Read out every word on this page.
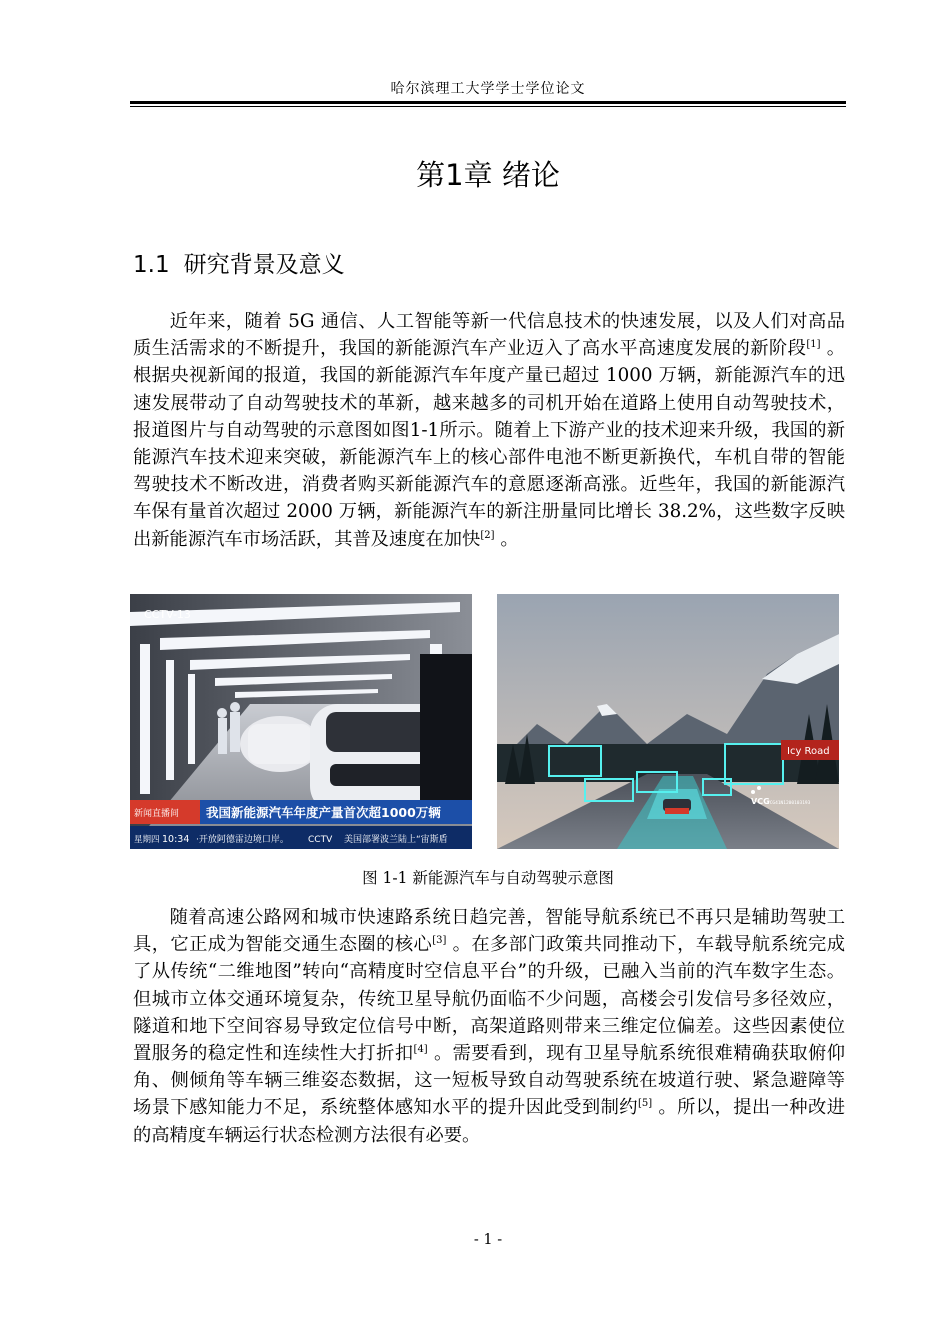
哈尔滨理工大学学士学位论文
第1章 绪论
1.1 研究背景及意义

近年来，随着 5G 通信、人工智能等新一代信息技术的快速发展，以及人们对高品质生活需求的不断提升，我国的新能源汽车产业迈入了高水平高速度发展的新阶段[1] 。根据央视新闻的报道，我国的新能源汽车年度产量已超过 1000 万辆，新能源汽车的迅速发展带动了自动驾驶技术的革新，越来越多的司机开始在道路上使用自动驾驶技术，报道图片与自动驾驶的示意图如图1-1所示。随着上下游产业的技术迎来升级，我国的新能源汽车技术迎来突破，新能源汽车上的核心部件电池不断更新换代，车机自带的智能驾驶技术不断改进，消费者购买新能源汽车的意愿逐渐高涨。近些年，我国的新能源汽车保有量首次超过 2000 万辆，新能源汽车的新注册量同比增长 38.2%，这些数字反映出新能源汽车市场活跃，其普及速度在加快[2] 。

CCTV-13
新闻直播间 我国新能源汽车年度产量首次超1000万辆
星期四 10:34 ·开放阿德雷边境口岸。 CCTV 美国部署波兰陆上“宙斯盾
Icy Road
VCG
VCG41N1200103193
图 1-1 新能源汽车与自动驾驶示意图

随着高速公路网和城市快速路系统日趋完善，智能导航系统已不再只是辅助驾驶工具，它正成为智能交通生态圈的核心[3] 。在多部门政策共同推动下，车载导航系统完成了从传统“二维地图”转向“高精度时空信息平台”的升级，已融入当前的汽车数字生态。但城市立体交通环境复杂，传统卫星导航仍面临不少问题，高楼会引发信号多径效应，隧道和地下空间容易导致定位信号中断，高架道路则带来三维定位偏差。这些因素使位置服务的稳定性和连续性大打折扣[4] 。需要看到，现有卫星导航系统很难精确获取俯仰角、侧倾角等车辆三维姿态数据，这一短板导致自动驾驶系统在坡道行驶、紧急避障等场景下感知能力不足，系统整体感知水平的提升因此受到制约[5] 。所以，提出一种改进的高精度车辆运行状态检测方法很有必要。

- 1 -
